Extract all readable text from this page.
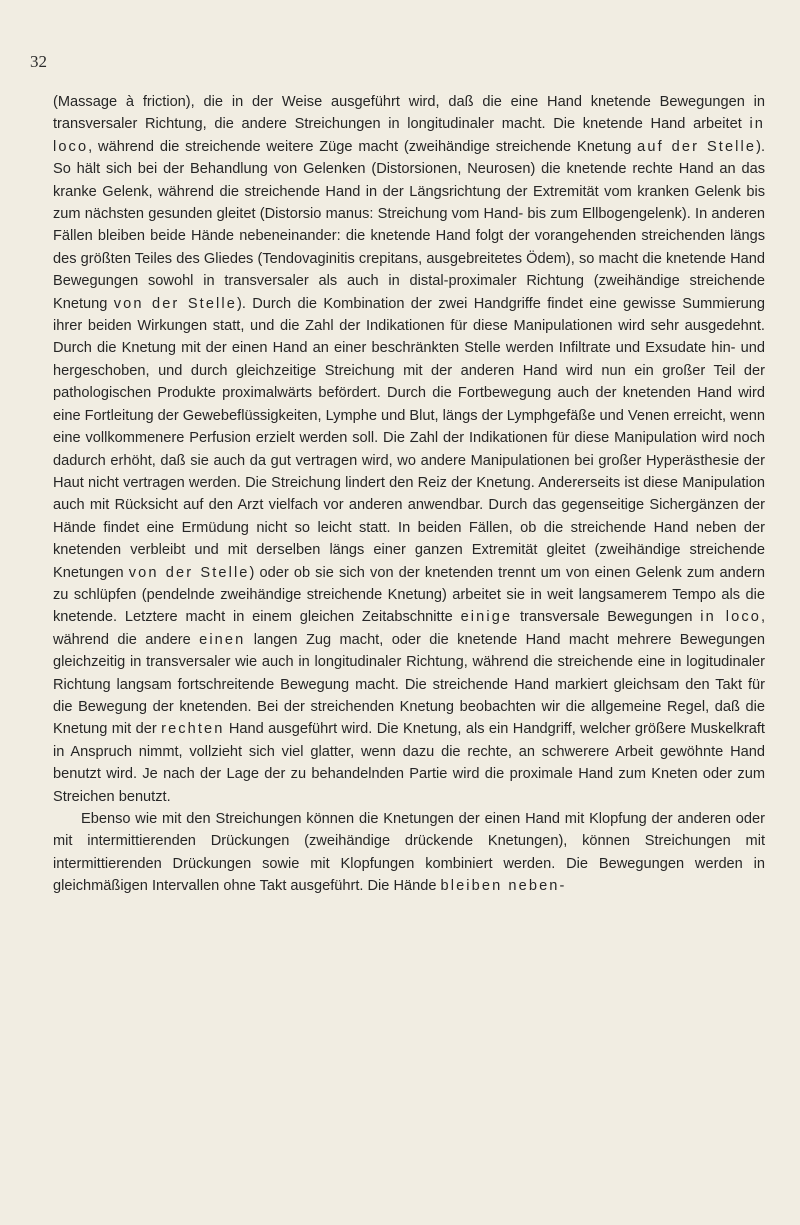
32

(Massage à friction), die in der Weise ausgeführt wird, daß die eine Hand knetende Bewegungen in transversaler Richtung, die andere Streichungen in longitudinaler macht. Die knetende Hand arbeitet in loco, während die streichende weitere Züge macht (zweihändige streichende Knetung auf der Stelle). So hält sich bei der Behandlung von Gelenken (Distorsionen, Neurosen) die knetende rechte Hand an das kranke Gelenk, während die streichende Hand in der Längsrichtung der Extremität vom kranken Gelenk bis zum nächsten gesunden gleitet (Distorsio manus: Streichung vom Hand- bis zum Ellbogengelenk). In anderen Fällen bleiben beide Hände nebeneinander: die knetende Hand folgt der vorangehenden streichenden längs des größten Teiles des Gliedes (Tendovaginitis crepitans, ausgebreitetes Ödem), so macht die knetende Hand Bewegungen sowohl in transversaler als auch in distal-proximaler Richtung (zweihändige streichende Knetung von der Stelle). Durch die Kombination der zwei Handgriffe findet eine gewisse Summierung ihrer beiden Wirkungen statt, und die Zahl der Indikationen für diese Manipulationen wird sehr ausgedehnt. Durch die Knetung mit der einen Hand an einer beschränkten Stelle werden Infiltrate und Exsudate hin- und hergeschoben, und durch gleichzeitige Streichung mit der anderen Hand wird nun ein großer Teil der pathologischen Produkte proximalwärts befördert. Durch die Fortbewegung auch der knetenden Hand wird eine Fortleitung der Gewebeflüssigkeiten, Lymphe und Blut, längs der Lymphgefäße und Venen erreicht, wenn eine vollkommenere Perfusion erzielt werden soll. Die Zahl der Indikationen für diese Manipulation wird noch dadurch erhöht, daß sie auch da gut vertragen wird, wo andere Manipulationen bei großer Hyperästhesie der Haut nicht vertragen werden. Die Streichung lindert den Reiz der Knetung. Andererseits ist diese Manipulation auch mit Rücksicht auf den Arzt vielfach vor anderen anwendbar. Durch das gegenseitige Sichergänzen der Hände findet eine Ermüdung nicht so leicht statt. In beiden Fällen, ob die streichende Hand neben der knetenden verbleibt und mit derselben längs einer ganzen Extremität gleitet (zweihändige streichende Knetungen von der Stelle) oder ob sie sich von der knetenden trennt um von einen Gelenk zum andern zu schlüpfen (pendelnde zweihändige streichende Knetung) arbeitet sie in weit langsamerem Tempo als die knetende. Letztere macht in einem gleichen Zeitabschnitte einige transversale Bewegungen in loco, während die andere einen langen Zug macht, oder die knetende Hand macht mehrere Bewegungen gleichzeitig in transversaler wie auch in longitudinaler Richtung, während die streichende eine in logitudinaler Richtung langsam fortschreitende Bewegung macht. Die streichende Hand markiert gleichsam den Takt für die Bewegung der knetenden. Bei der streichenden Knetung beobachten wir die allgemeine Regel, daß die Knetung mit der rechten Hand ausgeführt wird. Die Knetung, als ein Handgriff, welcher größere Muskelkraft in Anspruch nimmt, vollzieht sich viel glatter, wenn dazu die rechte, an schwerere Arbeit gewöhnte Hand benutzt wird. Je nach der Lage der zu behandelnden Partie wird die proximale Hand zum Kneten oder zum Streichen benutzt.

Ebenso wie mit den Streichungen können die Knetungen der einen Hand mit Klopfung der anderen oder mit intermittierenden Drückungen (zweihändige drückende Knetungen), können Streichungen mit intermittierenden Drückungen sowie mit Klopfungen kombiniert werden. Die Bewegungen werden in gleichmäßigen Intervallen ohne Takt ausgeführt. Die Hände bleiben neben-
